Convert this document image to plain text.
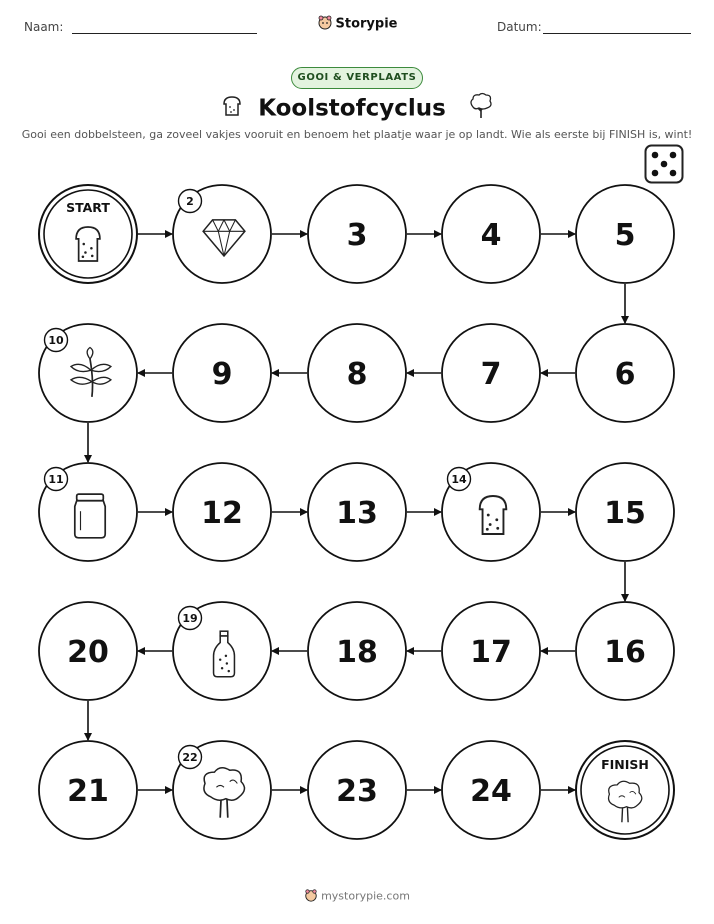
Naam:	Storypie	Datum:
GOOI & VERPLAATS
Koolstofcyclus
Gooi een dobbelsteen, ga zoveel vakjes vooruit en benoem het plaatje waar je op landt. Wie als eerste bij FINISH is, wint!
START	2
3	4	5
6
7
8
9
10
11
12	13
14
15
16
17
18
19
20
21
22
23	24
FINISH
mystorypie.com
